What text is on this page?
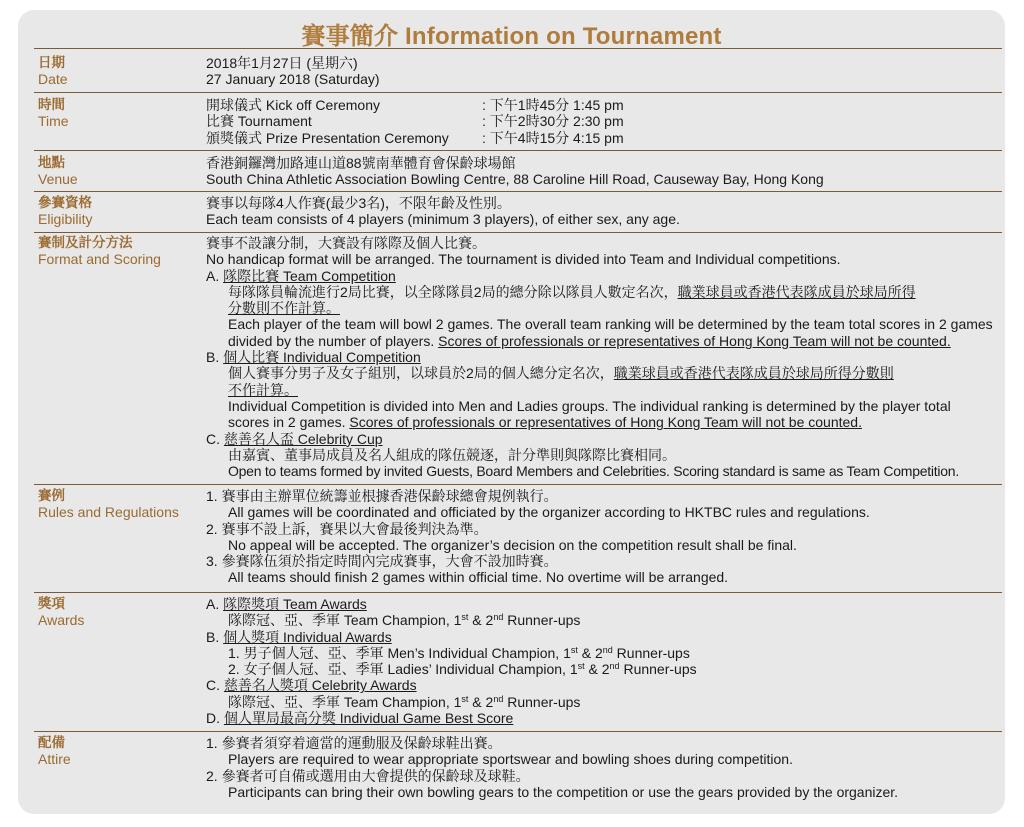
賽事簡介 Information on Tournament
日期
Date
2018年1月27日 (星期六)
27 January 2018 (Saturday)
時間
Time
開球儀式 Kick off Ceremony	: 下午1時45分 1:45 pm
比賽 Tournament	: 下午2時30分 2:30 pm
頒獎儀式 Prize Presentation Ceremony : 下午4時15分 4:15 pm
地點
Venue
香港銅鑼灣加路連山道88號南華體育會保齡球場館
South China Athletic Association Bowling Centre, 88 Caroline Hill Road, Causeway Bay, Hong Kong
參賽資格
Eligibility
賽事以每隊4人作賽(最少3名)，不限年齡及性別。
Each team consists of 4 players (minimum 3 players), of either sex, any age.
賽制及計分方法
Format and Scoring
賽事不設讓分制，大賽設有隊際及個人比賽。
No handicap format will be arranged. The tournament is divided into Team and Individual competitions.
A. 隊際比賽 Team Competition
每隊隊員輪流進行2局比賽，以全隊隊員2局的總分除以隊員人數定名次，職業球員或香港代表隊成員於球局所得
分數則不作計算。
Each player of the team will bowl 2 games. The overall team ranking will be determined by the team total scores in 2 games
divided by the number of players. Scores of professionals or representatives of Hong Kong Team will not be counted.
B. 個人比賽 Individual Competition
個人賽事分男子及女子組別，以球員於2局的個人總分定名次，職業球員或香港代表隊成員於球局所得分數則
不作計算。
Individual Competition is divided into Men and Ladies groups. The individual ranking is determined by the player total
scores in 2 games. Scores of professionals or representatives of Hong Kong Team will not be counted.
C. 慈善名人盃 Celebrity Cup
由嘉賓、董事局成員及名人組成的隊伍競逐，計分準則與隊際比賽相同。
Open to teams formed by invited Guests, Board Members and Celebrities. Scoring standard is same as Team Competition.
賽例
Rules and Regulations
1. 賽事由主辦單位統籌並根據香港保齡球總會規例執行。
All games will be coordinated and officiated by the organizer according to HKTBC rules and regulations.
2. 賽事不設上訴，賽果以大會最後判決為準。
No appeal will be accepted. The organizer’s decision on the competition result shall be final.
3. 參賽隊伍須於指定時間內完成賽事，大會不設加時賽。
All teams should finish 2 games within official time. No overtime will be arranged.
獎項
Awards
A. 隊際獎項 Team Awards
隊際冠、亞、季軍 Team Champion, 1st & 2nd Runner-ups
B. 個人獎項 Individual Awards
1. 男子個人冠、亞、季軍 Men’s Individual Champion, 1st & 2nd Runner-ups
2. 女子個人冠、亞、季軍 Ladies’ Individual Champion, 1st & 2nd Runner-ups
C. 慈善名人獎項 Celebrity Awards
隊際冠、亞、季軍 Team Champion, 1st & 2nd Runner-ups
D. 個人單局最高分獎 Individual Game Best Score
配備
Attire
1. 參賽者須穿着適當的運動服及保齡球鞋出賽。
Players are required to wear appropriate sportswear and bowling shoes during competition.
2. 參賽者可自備或選用由大會提供的保齡球及球鞋。
Participants can bring their own bowling gears to the competition or use the gears provided by the organizer.
